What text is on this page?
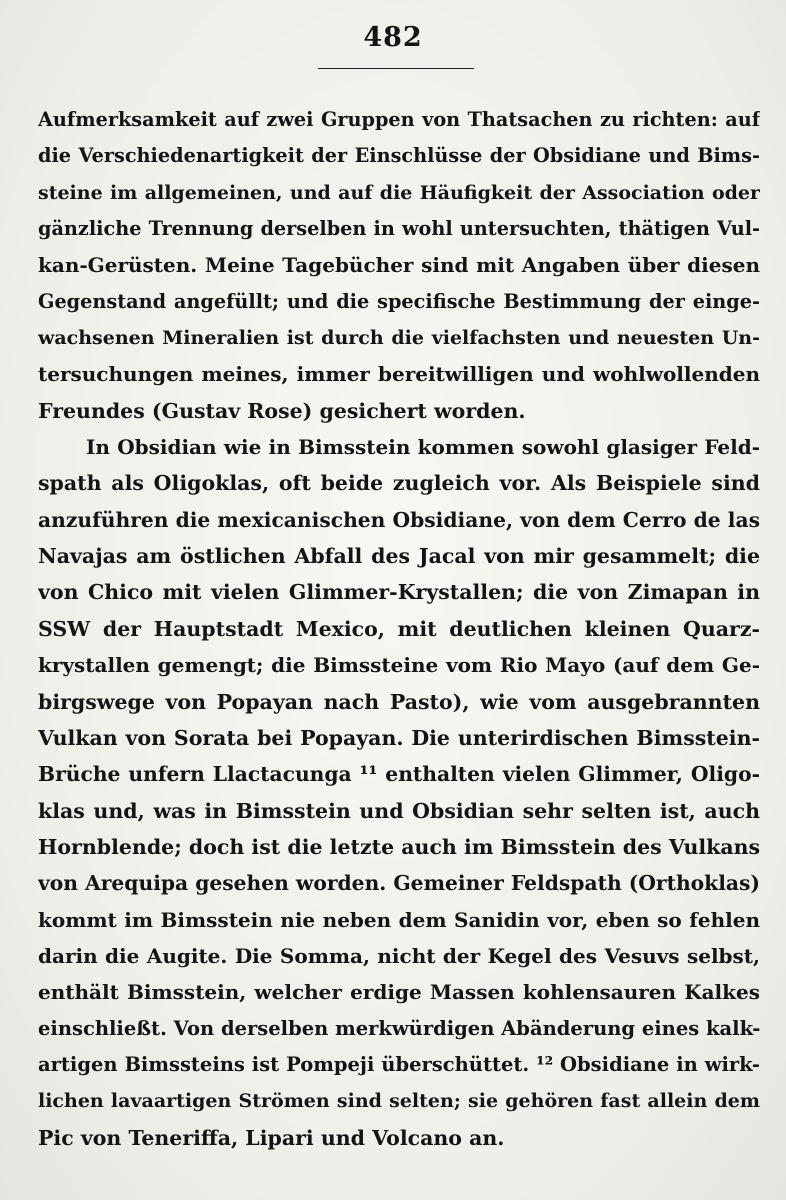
482
Aufmerksamkeit auf zwei Gruppen von Thatsachen zu richten: auf
die Verschiedenartigkeit der Einschlüsse der Obsidiane und Bims-
steine im allgemeinen, und auf die Häufigkeit der Association oder
gänzliche Trennung derselben in wohl untersuchten, thätigen Vul-
kan-Gerüsten. Meine Tagebücher sind mit Angaben über diesen
Gegenstand angefüllt; und die specifische Bestimmung der einge-
wachsenen Mineralien ist durch die vielfachsten und neuesten Un-
tersuchungen meines, immer bereitwilligen und wohlwollenden
Freundes (Gustav Rose) gesichert worden.
In Obsidian wie in Bimsstein kommen sowohl glasiger Feld-
spath als Oligoklas, oft beide zugleich vor. Als Beispiele sind
anzuführen die mexicanischen Obsidiane, von dem Cerro de las
Navajas am östlichen Abfall des Jacal von mir gesammelt; die
von Chico mit vielen Glimmer-Krystallen; die von Zimapan in
SSW der Hauptstadt Mexico, mit deutlichen kleinen Quarz-
krystallen gemengt; die Bimssteine vom Rio Mayo (auf dem Ge-
birgswege von Popayan nach Pasto), wie vom ausgebrannten
Vulkan von Sorata bei Popayan. Die unterirdischen Bimsstein-
Brüche unfern Llactacunga ¹¹ enthalten vielen Glimmer, Oligo-
klas und, was in Bimsstein und Obsidian sehr selten ist, auch
Hornblende; doch ist die letzte auch im Bimsstein des Vulkans
von Arequipa gesehen worden. Gemeiner Feldspath (Orthoklas)
kommt im Bimsstein nie neben dem Sanidin vor, eben so fehlen
darin die Augite. Die Somma, nicht der Kegel des Vesuvs selbst,
enthält Bimsstein, welcher erdige Massen kohlensauren Kalkes
einschließt. Von derselben merkwürdigen Abänderung eines kalk-
artigen Bimssteins ist Pompeji überschüttet. ¹² Obsidiane in wirk-
lichen lavaartigen Strömen sind selten; sie gehören fast allein dem
Pic von Teneriffa, Lipari und Volcano an.
